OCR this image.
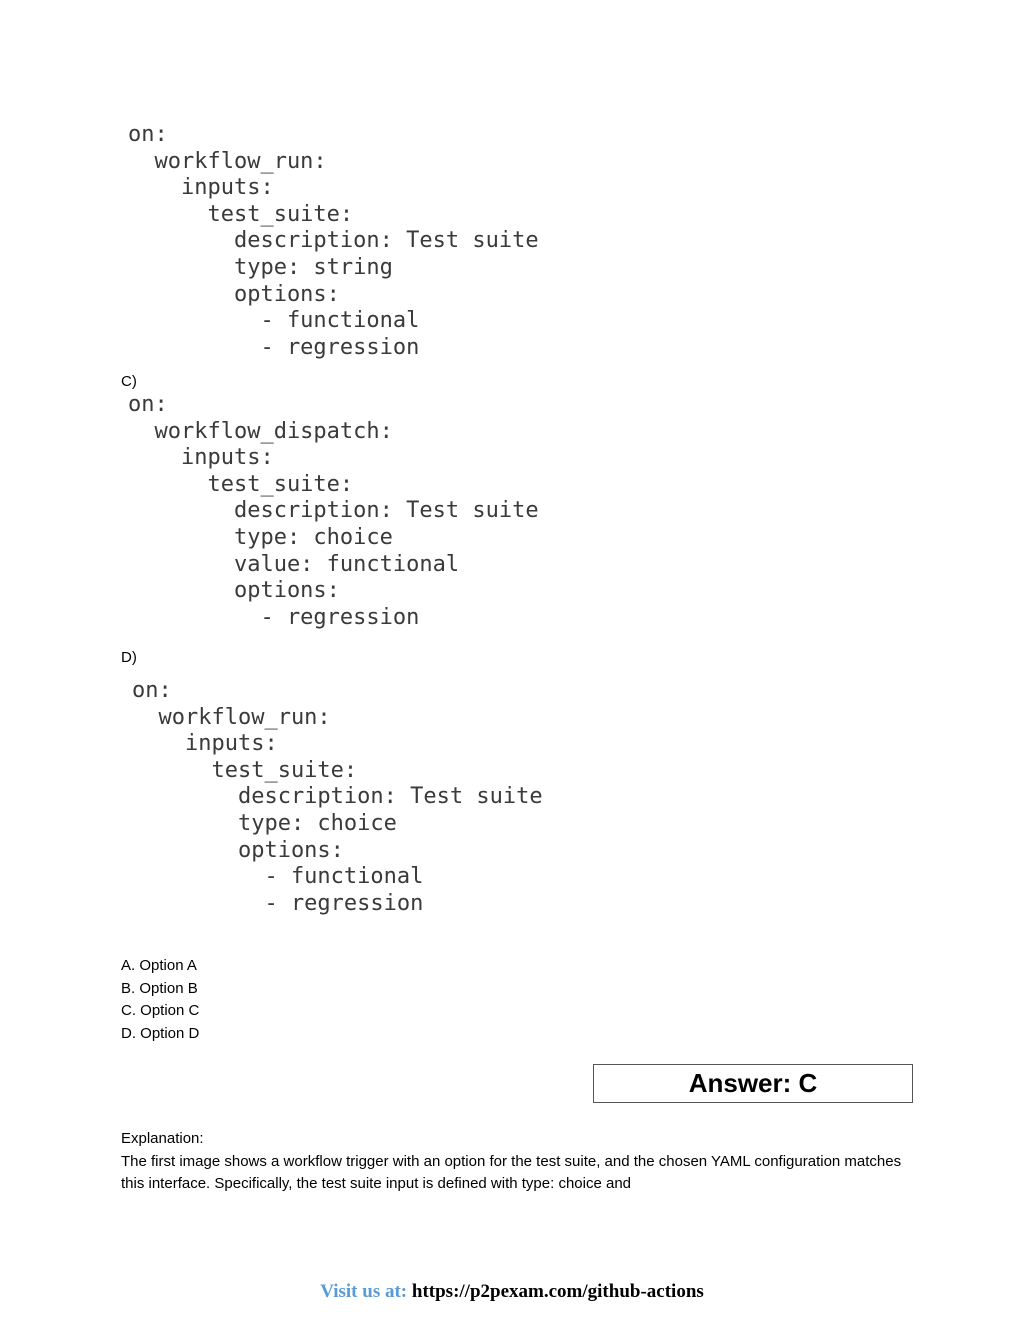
on:
workflow_run:
inputs:
test_suite:
description: Test suite
type: string
options:
- functional
- regression
C)
on:
workflow_dispatch:
inputs:
test_suite:
description: Test suite
type: choice
value: functional
options:
- regression
D)
on:
workflow_run:
inputs:
test_suite:
description: Test suite
type: choice
options:
- functional
- regression
A. Option A
B. Option B
C. Option C
D. Option D
Answer: C
Explanation:
The first image shows a workflow trigger with an option for the test suite, and the chosen YAML configuration matches this interface. Specifically, the test suite input is defined with type: choice and
Visit us at: https://p2pexam.com/github-actions
